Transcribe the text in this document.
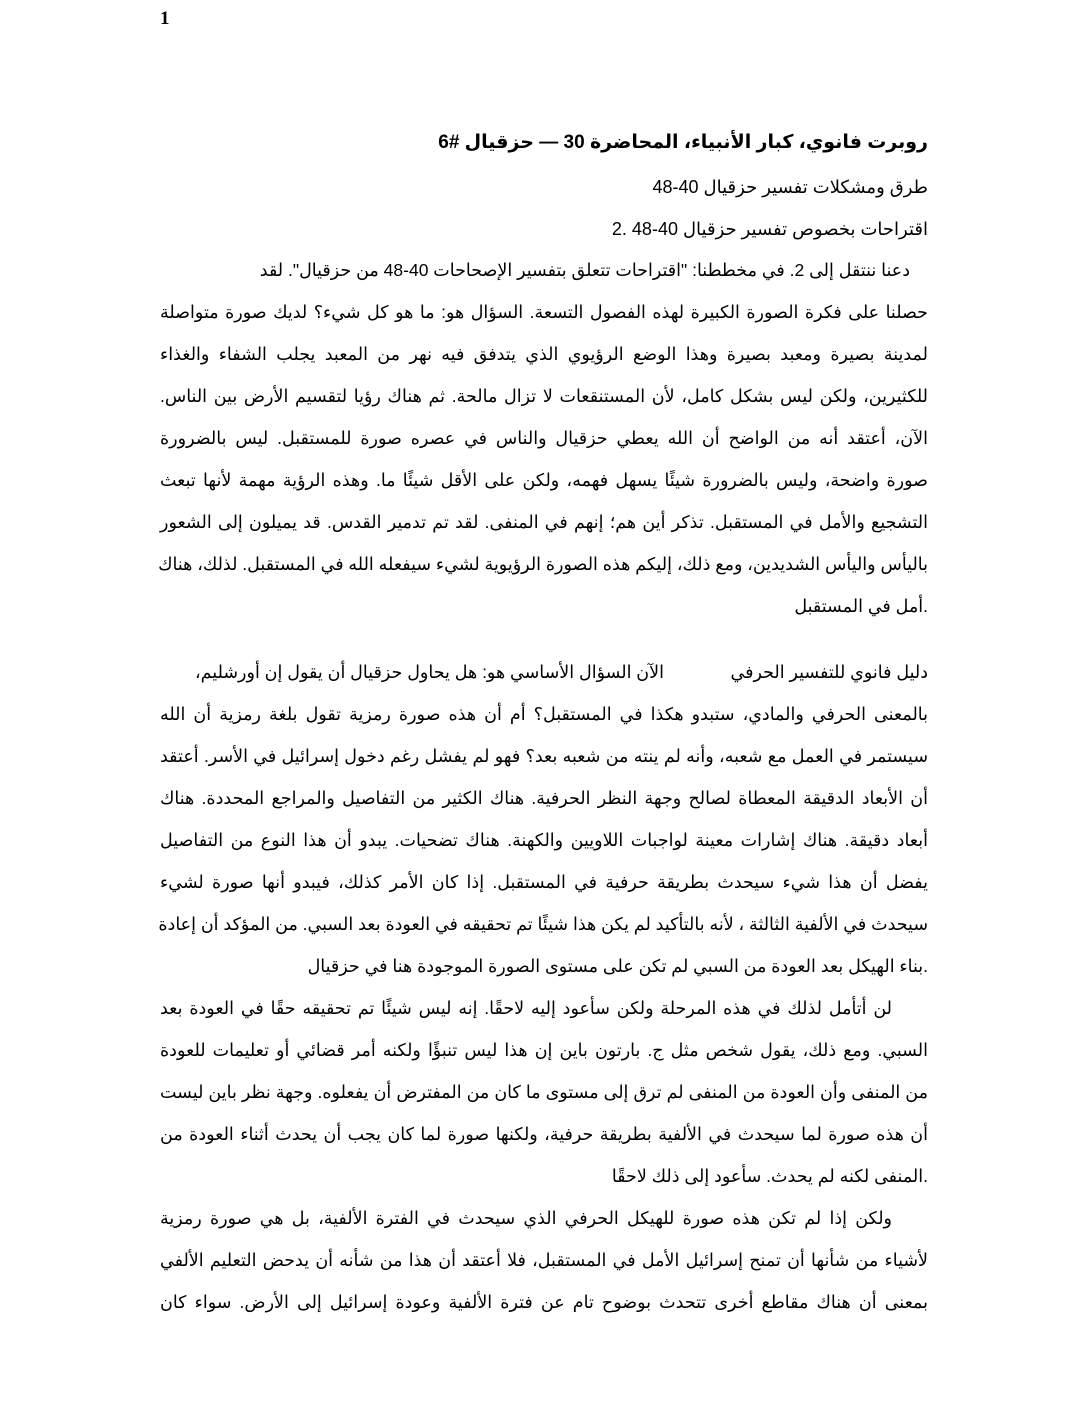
1
روبرت فانوي، كبار الأنبياء، المحاضرة 30 — حزقيال #6
طرق ومشكلات تفسير حزقيال 40-48
اقتراحات بخصوص تفسير حزقيال 40-48 .2
دعنا ننتقل إلى 2. في مخططنا: "اقتراحات تتعلق بتفسير الإصحاحات 40-48 من حزقيال". لقد
حصلنا على فكرة الصورة الكبيرة لهذه الفصول التسعة. السؤال هو: ما هو كل شيء؟ لديك صورة متواصلة
لمدينة بصيرة ومعبد بصيرة وهذا الوضع الرؤيوي الذي يتدفق فيه نهر من المعبد يجلب الشفاء والغذاء
للكثيرين، ولكن ليس بشكل كامل، لأن المستنقعات لا تزال مالحة. ثم هناك رؤيا لتقسيم الأرض بين الناس.
الآن، أعتقد أنه من الواضح أن الله يعطي حزقيال والناس في عصره صورة للمستقبل. ليس بالضرورة
صورة واضحة، وليس بالضرورة شيئًا يسهل فهمه، ولكن على الأقل شيئًا ما. وهذه الرؤية مهمة لأنها تبعث
التشجيع والأمل في المستقبل. تذكر أين هم؛ إنهم في المنفى. لقد تم تدمير القدس. قد يميلون إلى الشعور
باليأس واليأس الشديدين، ومع ذلك، إليكم هذه الصورة الرؤيوية لشيء سيفعله الله في المستقبل. لذلك، هناك
.أمل في المستقبل
دليل فانوي للتفسير الحرفي
الآن السؤال الأساسي هو: هل يحاول حزقيال أن يقول إن أورشليم،
بالمعنى الحرفي والمادي، ستبدو هكذا في المستقبل؟ أم أن هذه صورة رمزية تقول بلغة رمزية أن الله
سيستمر في العمل مع شعبه، وأنه لم ينته من شعبه بعد؟ فهو لم يفشل رغم دخول إسرائيل في الأسر. أعتقد
أن الأبعاد الدقيقة المعطاة لصالح وجهة النظر الحرفية. هناك الكثير من التفاصيل والمراجع المحددة. هناك
أبعاد دقيقة. هناك إشارات معينة لواجبات اللاويين والكهنة. هناك تضحيات. يبدو أن هذا النوع من التفاصيل
يفضل أن هذا شيء سيحدث بطريقة حرفية في المستقبل. إذا كان الأمر كذلك، فيبدو أنها صورة لشيء
سيحدث في الألفية الثالثة ، لأنه بالتأكيد لم يكن هذا شيئًا تم تحقيقه في العودة بعد السبي. من المؤكد أن إعادة
.بناء الهيكل بعد العودة من السبي لم تكن على مستوى الصورة الموجودة هنا في حزقيال
لن أتأمل لذلك في هذه المرحلة ولكن سأعود إليه لاحقًا. إنه ليس شيئًا تم تحقيقه حقًا في العودة بعد
السبي. ومع ذلك، يقول شخص مثل ج. بارتون باين إن هذا ليس تنبؤًا ولكنه أمر قضائي أو تعليمات للعودة
من المنفى وأن العودة من المنفى لم ترق إلى مستوى ما كان من المفترض أن يفعلوه. وجهة نظر باين ليست
أن هذه صورة لما سيحدث في الألفية بطريقة حرفية، ولكنها صورة لما كان يجب أن يحدث أثناء العودة من
.المنفى لكنه لم يحدث. سأعود إلى ذلك لاحقًا
ولكن إذا لم تكن هذه صورة للهيكل الحرفي الذي سيحدث في الفترة الألفية، بل هي صورة رمزية
لأشياء من شأنها أن تمنح إسرائيل الأمل في المستقبل، فلا أعتقد أن هذا من شأنه أن يدحض التعليم الألفي
بمعنى أن هناك مقاطع أخرى تتحدث بوضوح تام عن فترة الألفية وعودة إسرائيل إلى الأرض. سواء كان
